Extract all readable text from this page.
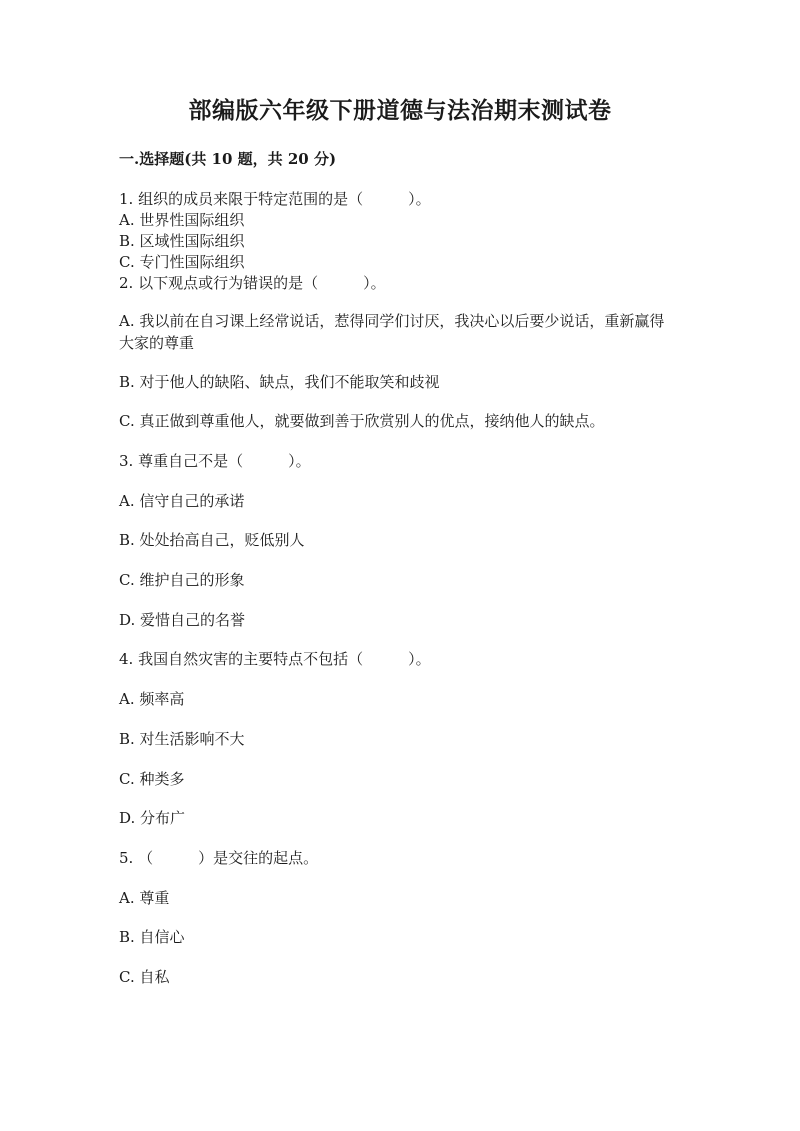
部编版六年级下册道德与法治期末测试卷
一.选择题(共 10 题，共 20 分)
1. 组织的成员来限于特定范围的是（　　　）。
A. 世界性国际组织
B. 区域性国际组织
C. 专门性国际组织
2. 以下观点或行为错误的是（　　　）。
A. 我以前在自习课上经常说话，惹得同学们讨厌，我决心以后要少说话，重新赢得大家的尊重
B. 对于他人的缺陷、缺点，我们不能取笑和歧视
C. 真正做到尊重他人，就要做到善于欣赏别人的优点，接纳他人的缺点。
3. 尊重自己不是（　　　）。
A. 信守自己的承诺
B. 处处抬高自己，贬低别人
C. 维护自己的形象
D. 爱惜自己的名誉
4. 我国自然灾害的主要特点不包括（　　　）。
A. 频率高
B. 对生活影响不大
C. 种类多
D. 分布广
5. （　　　）是交往的起点。
A. 尊重
B. 自信心
C. 自私
